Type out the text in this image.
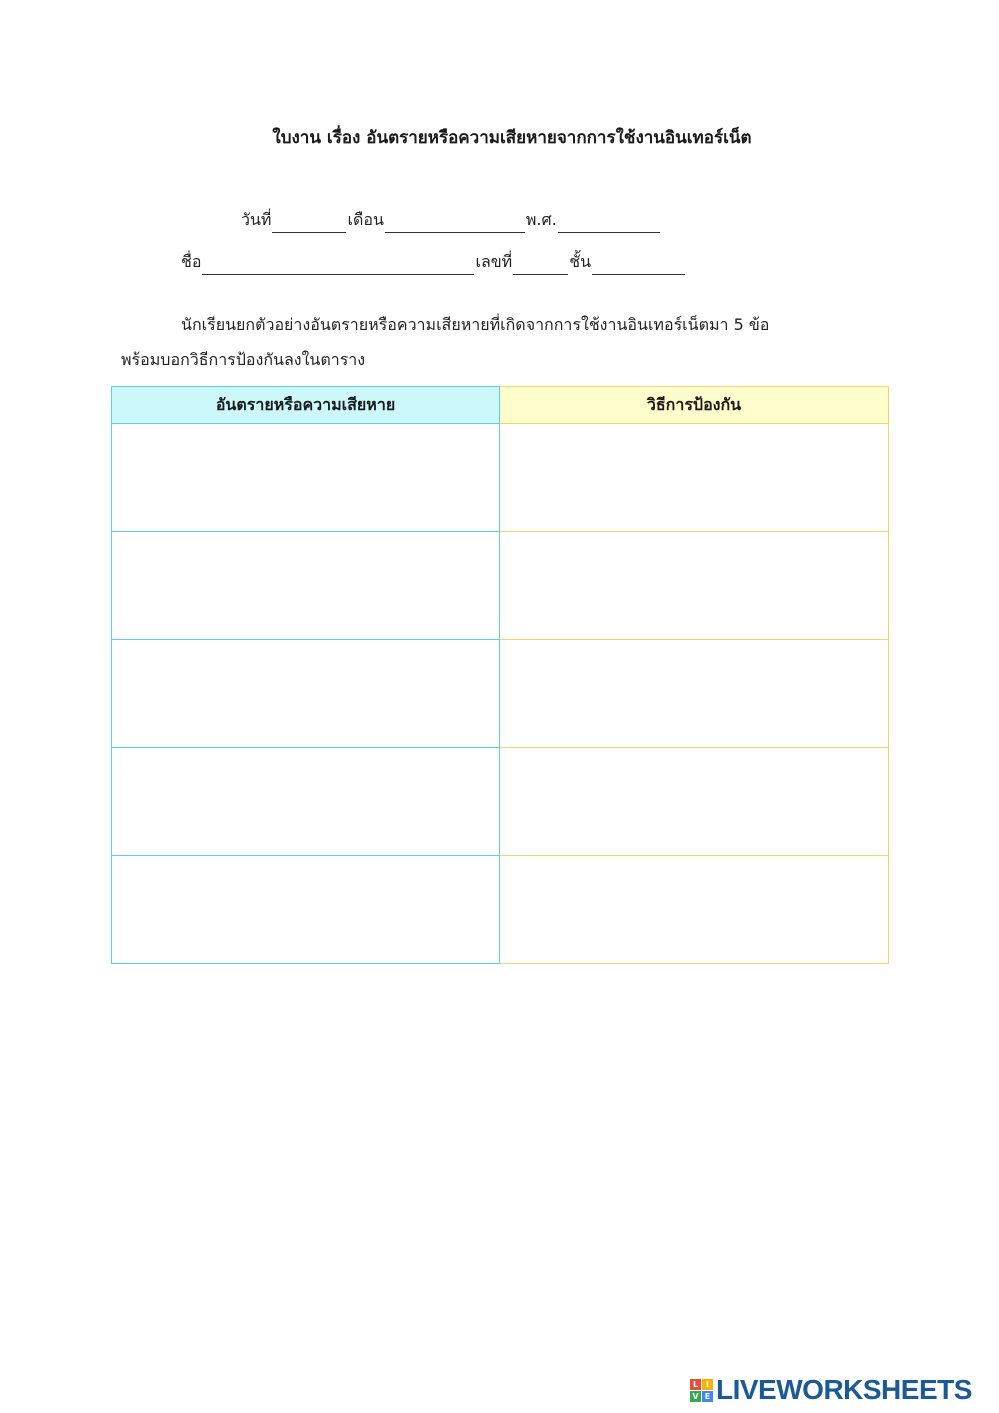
ใบงาน เรื่อง อันตรายหรือความเสียหายจากการใช้งานอินเทอร์เน็ต
วันที่	เดือน	พ.ศ.
ชื่อ	เลขที่	ชั้น
นักเรียนยกตัวอย่างอันตรายหรือความเสียหายที่เกิดจากการใช้งานอินเทอร์เน็ตมา 5 ข้อ
พร้อมบอกวิธีการป้องกันลงในตาราง
อันตรายหรือความเสียหาย	วิธีการป้องกัน

L I
V E LIVEWORKSHEETS
